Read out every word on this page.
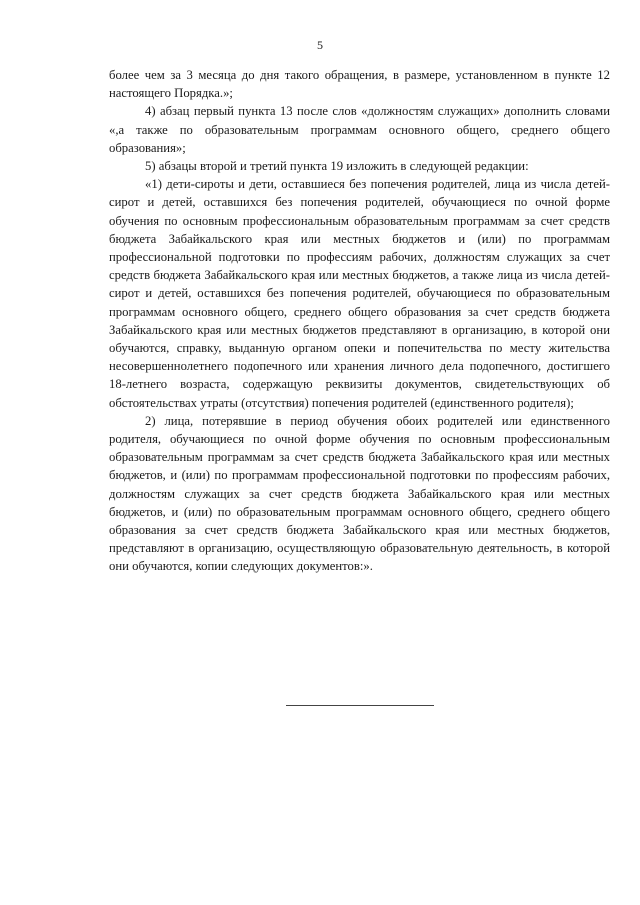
5

более чем за 3 месяца до дня такого обращения, в размере, установленном в пункте 12 настоящего Порядка.»;

4) абзац первый пункта 13 после слов «должностям служащих» дополнить словами «,а также по образовательным программам основного общего, среднего общего образования»;

5) абзацы второй и третий пункта 19 изложить в следующей редакции:

«1) дети-сироты и дети, оставшиеся без попечения родителей, лица из числа детей-сирот и детей, оставшихся без попечения родителей, обучающиеся по очной форме обучения по основным профессиональным образовательным программам за счет средств бюджета Забайкальского края или местных бюджетов и (или) по программам профессиональной подготовки по профессиям рабочих, должностям служащих за счет средств бюджета Забайкальского края или местных бюджетов, а также лица из числа детей-сирот и детей, оставшихся без попечения родителей, обучающиеся по образовательным программам основного общего, среднего общего образования за счет средств бюджета Забайкальского края или местных бюджетов представляют в организацию, в которой они обучаются, справку, выданную органом опеки и попечительства по месту жительства несовершеннолетнего подопечного или хранения личного дела подопечного, достигшего 18-летнего возраста, содержащую реквизиты документов, свидетельствующих об обстоятельствах утраты (отсутствия) попечения родителей (единственного родителя);

2) лица, потерявшие в период обучения обоих родителей или единственного родителя, обучающиеся по очной форме обучения по основным профессиональным образовательным программам за счет средств бюджета Забайкальского края или местных бюджетов, и (или) по программам профессиональной подготовки по профессиям рабочих, должностям служащих за счет средств бюджета Забайкальского края или местных бюджетов, и (или) по образовательным программам основного общего, среднего общего образования за счет средств бюджета Забайкальского края или местных бюджетов, представляют в организацию, осуществляющую образовательную деятельность, в которой они обучаются, копии следующих документов:».
